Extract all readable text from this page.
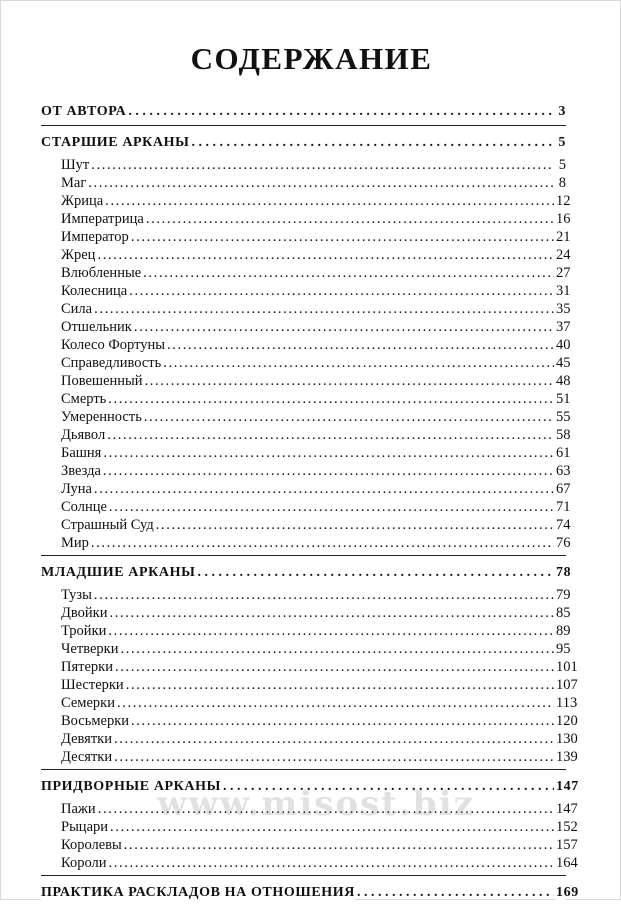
СОДЕРЖАНИЕ
ОТ АВТОРА . . .	3
СТАРШИЕ АРКАНЫ . . .	5
Шут . . .	5
Маг . . .	8
Жрица . . .	12
Императрица . . .	16
Император . . .	21
Жрец . . .	24
Влюбленные . . .	27
Колесница . . .	31
Сила . . .	35
Отшельник . . .	37
Колесо Фортуны . . .	40
Справедливость . . .	45
Повешенный . . .	48
Смерть . . .	51
Умеренность . . .	55
Дьявол . . .	58
Башня . . .	61
Звезда . . .	63
Луна . . .	67
Солнце . . .	71
Страшный Суд . . .	74
Мир . . .	76
МЛАДШИЕ АРКАНЫ . . .	78
Тузы . . .	79
Двойки . . .	85
Тройки . . .	89
Четверки . . .	95
Пятерки . . .	101
Шестерки . . .	107
Семерки . . .	113
Восьмерки . . .	120
Девятки . . .	130
Десятки . . .	139
ПРИДВОРНЫЕ АРКАНЫ . . .	147
Пажи . . .	147
Рыцари . . .	152
Королевы . . .	157
Короли . . .	164
ПРАКТИКА РАСКЛАДОВ НА ОТНОШЕНИЯ . . .	169
www.misost.biz
